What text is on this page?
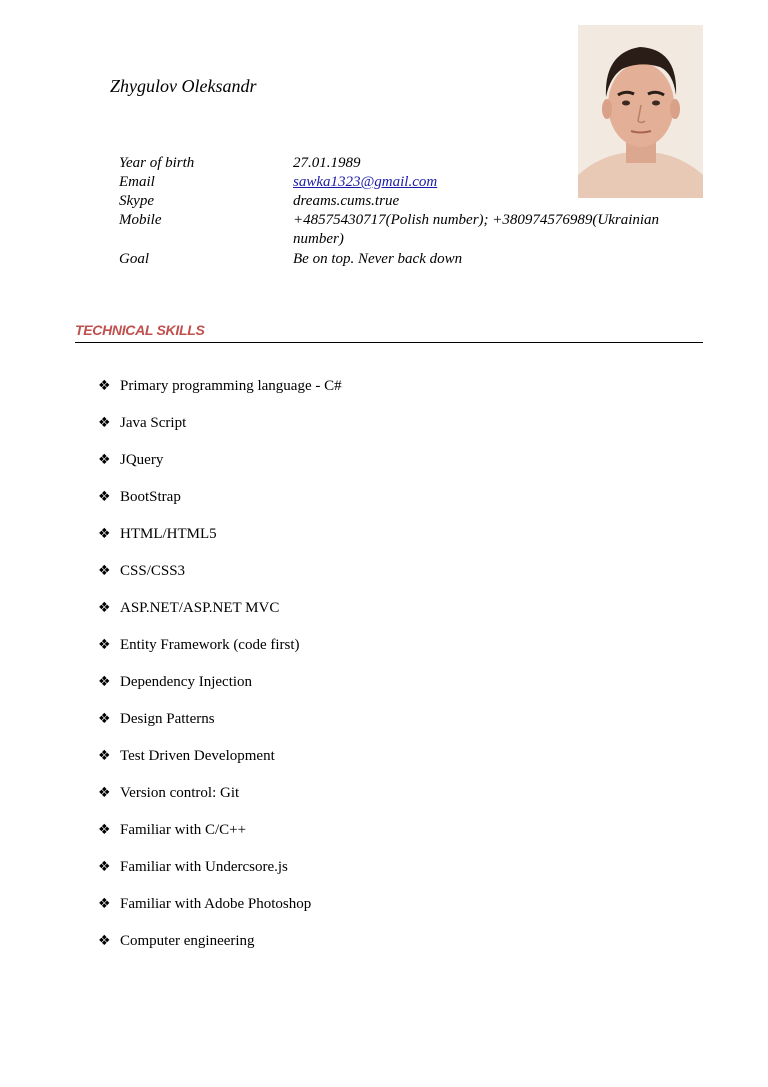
Zhygulov Oleksandr
Year of birth	27.01.1989
Email	sawka1323@gmail.com
Skype	dreams.cums.true
Mobile	+48575430717(Polish number); +380974576989(Ukrainian number)
Goal	Be on top. Never back down
TECHNICAL SKILLS
❖ Primary programming language - C#
❖ Java Script
❖ JQuery
❖ BootStrap
❖ HTML/HTML5
❖ CSS/CSS3
❖ ASP.NET/ASP.NET MVC
❖ Entity Framework (code first)
❖ Dependency Injection
❖ Design Patterns
❖ Test Driven Development
❖ Version control: Git
❖ Familiar with C/C++
❖ Familiar with Undercsore.js
❖ Familiar with Adobe Photoshop
❖ Computer engineering
